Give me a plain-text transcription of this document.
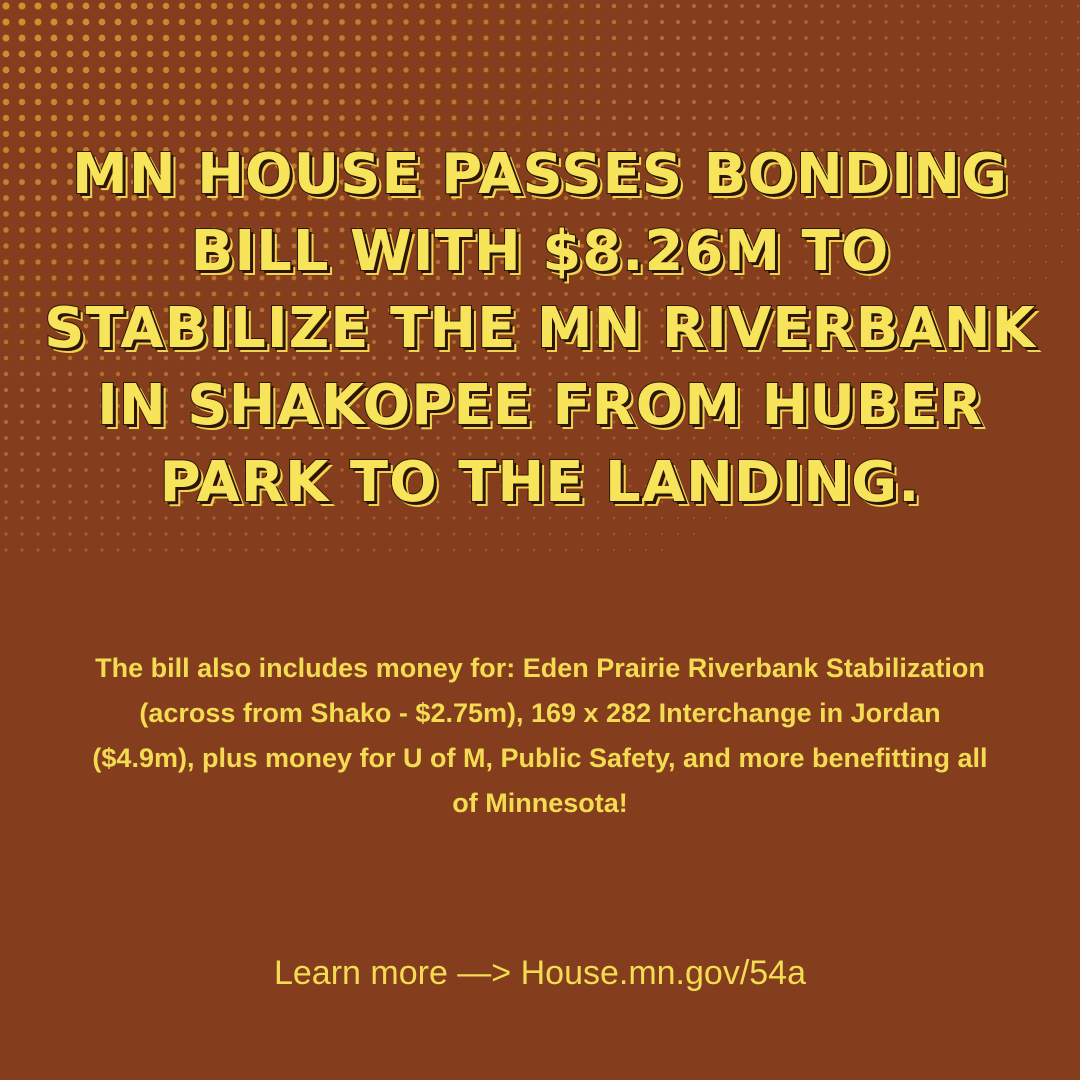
MN HOUSE PASSES BONDING BILL WITH $8.26M TO STABILIZE THE MN RIVERBANK IN SHAKOPEE FROM HUBER PARK TO THE LANDING.

The bill also includes money for: Eden Prairie Riverbank Stabilization (across from Shako - $2.75m), 169 x 282 Interchange in Jordan ($4.9m), plus money for U of M, Public Safety, and more benefitting all of Minnesota!

Learn more —> House.mn.gov/54a
